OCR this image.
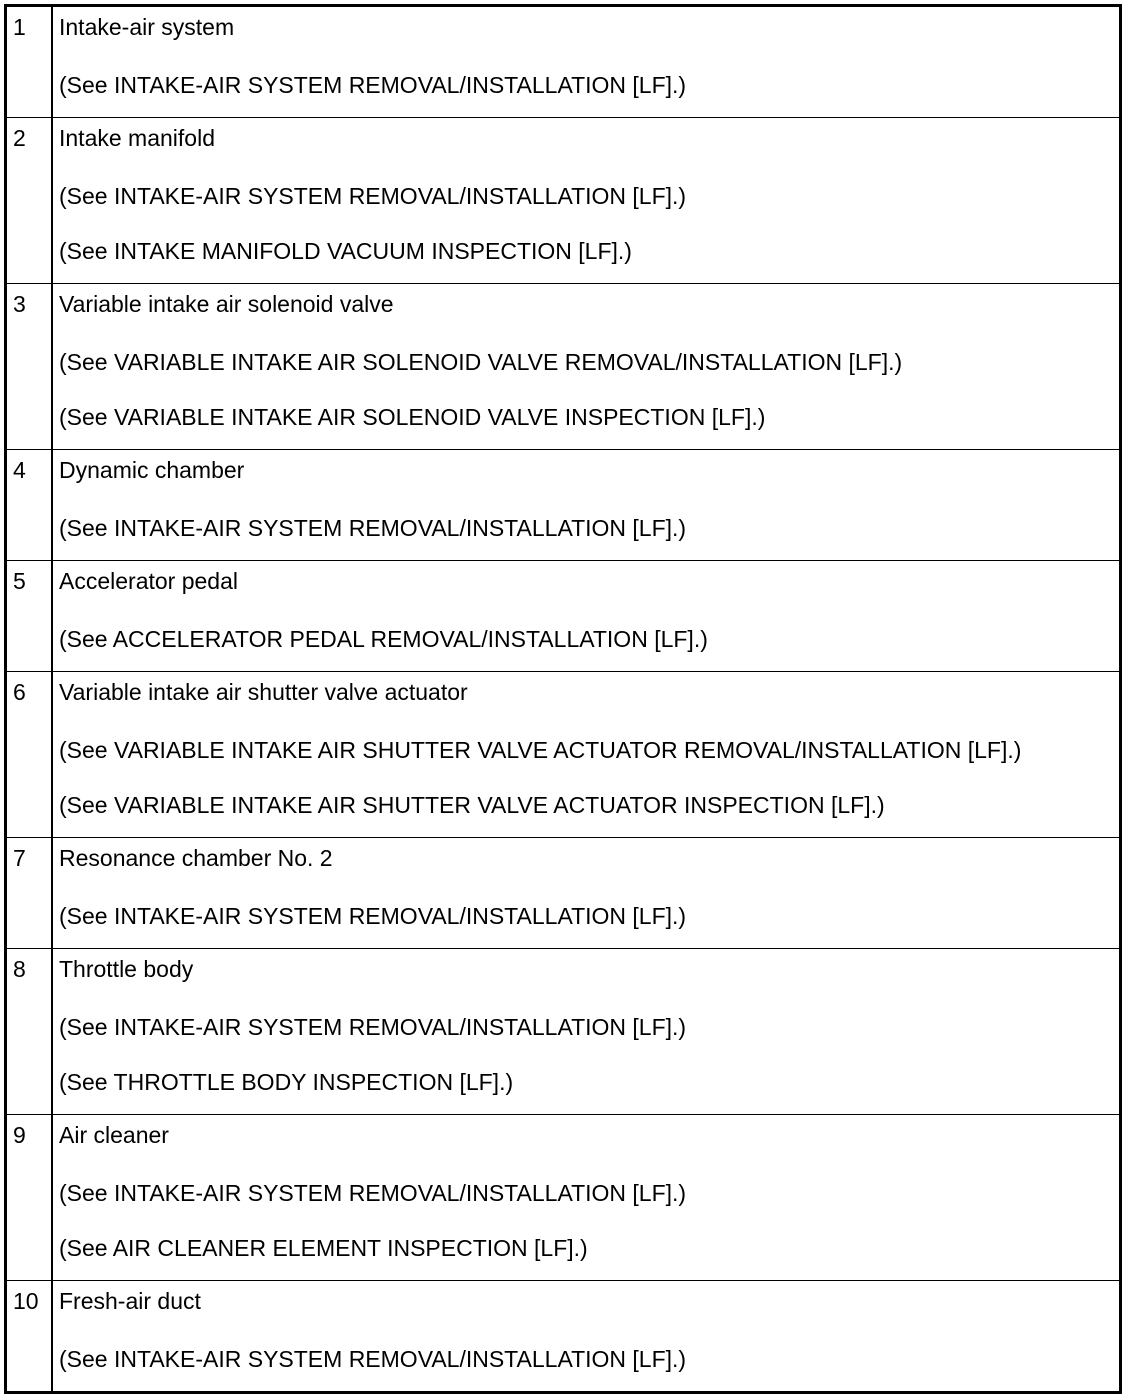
1	Intake-air system
(See INTAKE-AIR SYSTEM REMOVAL/INSTALLATION [LF].)

2	Intake manifold
(See INTAKE-AIR SYSTEM REMOVAL/INSTALLATION [LF].)
(See INTAKE MANIFOLD VACUUM INSPECTION [LF].)

3	Variable intake air solenoid valve
(See VARIABLE INTAKE AIR SOLENOID VALVE REMOVAL/INSTALLATION [LF].)
(See VARIABLE INTAKE AIR SOLENOID VALVE INSPECTION [LF].)

4	Dynamic chamber
(See INTAKE-AIR SYSTEM REMOVAL/INSTALLATION [LF].)

5	Accelerator pedal
(See ACCELERATOR PEDAL REMOVAL/INSTALLATION [LF].)

6	Variable intake air shutter valve actuator
(See VARIABLE INTAKE AIR SHUTTER VALVE ACTUATOR REMOVAL/INSTALLATION [LF].)
(See VARIABLE INTAKE AIR SHUTTER VALVE ACTUATOR INSPECTION [LF].)

7	Resonance chamber No. 2
(See INTAKE-AIR SYSTEM REMOVAL/INSTALLATION [LF].)

8	Throttle body
(See INTAKE-AIR SYSTEM REMOVAL/INSTALLATION [LF].)
(See THROTTLE BODY INSPECTION [LF].)

9	Air cleaner
(See INTAKE-AIR SYSTEM REMOVAL/INSTALLATION [LF].)
(See AIR CLEANER ELEMENT INSPECTION [LF].)

10	Fresh-air duct
(See INTAKE-AIR SYSTEM REMOVAL/INSTALLATION [LF].)
